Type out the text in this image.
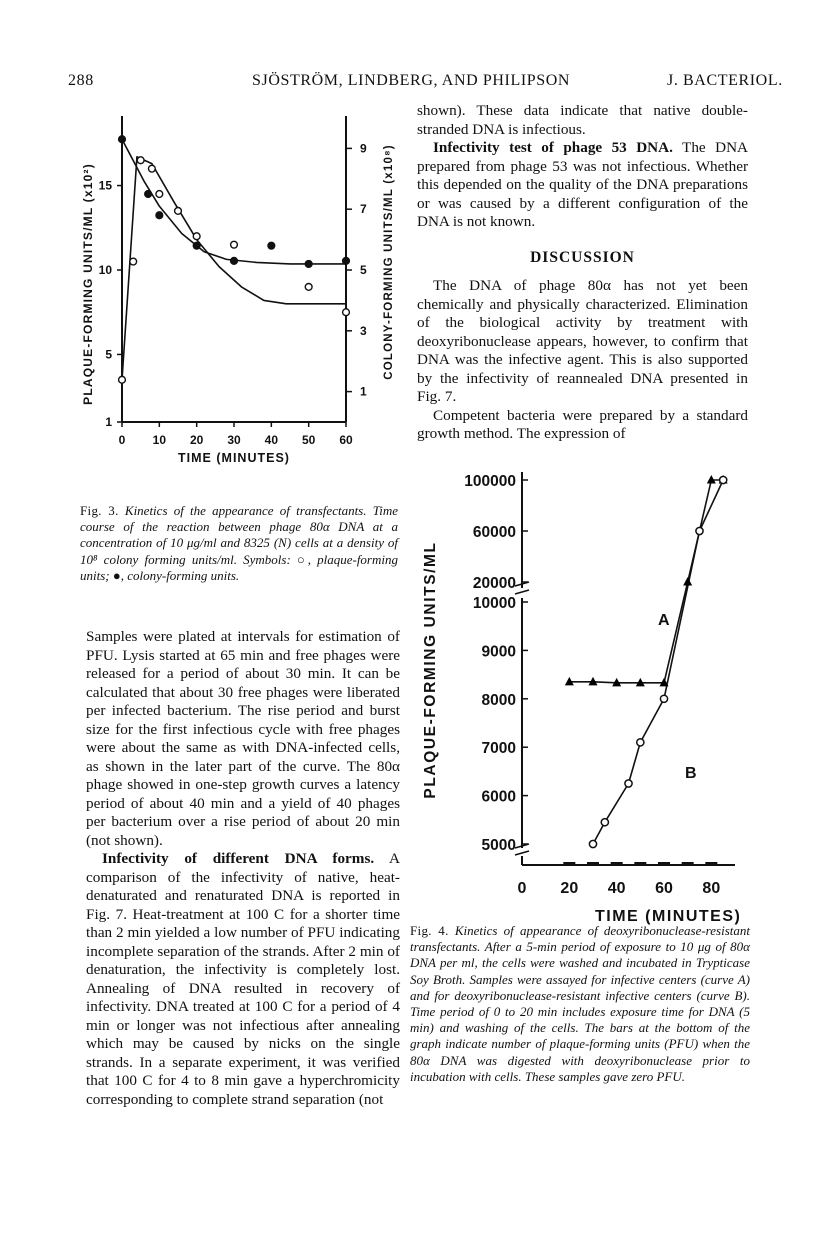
288	SJÖSTRÖM, LINDBERG, AND PHILIPSON	J. BACTERIOL.
0 10 20 30 40 50 60
1
5
10
15
1
3
5
7
9
TIME (MINUTES)
PLAQUE-FORMING UNITS/ML (x10²)	COLONY-FORMING UNITS/ML (x10⁸)
Fig. 3. Kinetics of the appearance of transfectants. Time course of the reaction between phage 80α DNA at a concentration of 10 μg/ml and 8325 (N) cells at a density of 10⁸ colony forming units/ml. Symbols: ○, plaque-forming units; ●, colony-forming units.

Samples were plated at intervals for estimation of PFU. Lysis started at 65 min and free phages were released for a period of about 30 min. It can be calculated that about 30 free phages were liberated per infected bacterium. The rise period and burst size for the first infectious cycle with free phages were about the same as with DNA-infected cells, as shown in the later part of the curve. The 80α phage showed in one-step growth curves a latency period of about 40 min and a yield of 40 phages per bacterium over a rise period of about 20 min (not shown).

Infectivity of different DNA forms. A comparison of the infectivity of native, heat-denaturated and renaturated DNA is reported in Fig. 7. Heat-treatment at 100 C for a shorter time than 2 min yielded a low number of PFU indicating incomplete separation of the strands. After 2 min of denaturation, the infectivity is completely lost. Annealing of DNA resulted in recovery of infectivity. DNA treated at 100 C for a period of 4 min or longer was not infectious after annealing which may be caused by nicks on the single strands. In a separate experiment, it was verified that 100 C for 4 to 8 min gave a hyperchromicity corresponding to complete strand separation (not

shown). These data indicate that native double-stranded DNA is infectious.

Infectivity test of phage 53 DNA. The DNA prepared from phage 53 was not infectious. Whether this depended on the quality of the DNA preparations or was caused by a different configuration of the DNA is not known.

DISCUSSION

The DNA of phage 80α has not yet been chemically and physically characterized. Elimination of the biological activity by treatment with deoxyribonuclease appears, however, to confirm that DNA was the infective agent. This is also supported by the infectivity of reannealed DNA presented in Fig. 7.

Competent bacteria were prepared by a standard growth method. The expression of

5000
6000
7000
8000
9000
10000
20000
60000
100000
0 20 40 60 80
TIME (MINUTES)
PLAQUE-FORMING UNITS/ML	A
B
Fig. 4. Kinetics of appearance of deoxyribonuclease-resistant transfectants. After a 5-min period of exposure to 10 μg of 80α DNA per ml, the cells were washed and incubated in Trypticase Soy Broth. Samples were assayed for infective centers (curve A) and for deoxyribonuclease-resistant infective centers (curve B). Time period of 0 to 20 min includes exposure time for DNA (5 min) and washing of the cells. The bars at the bottom of the graph indicate number of plaque-forming units (PFU) when the 80α DNA was digested with deoxyribonuclease prior to incubation with cells. These samples gave zero PFU.
